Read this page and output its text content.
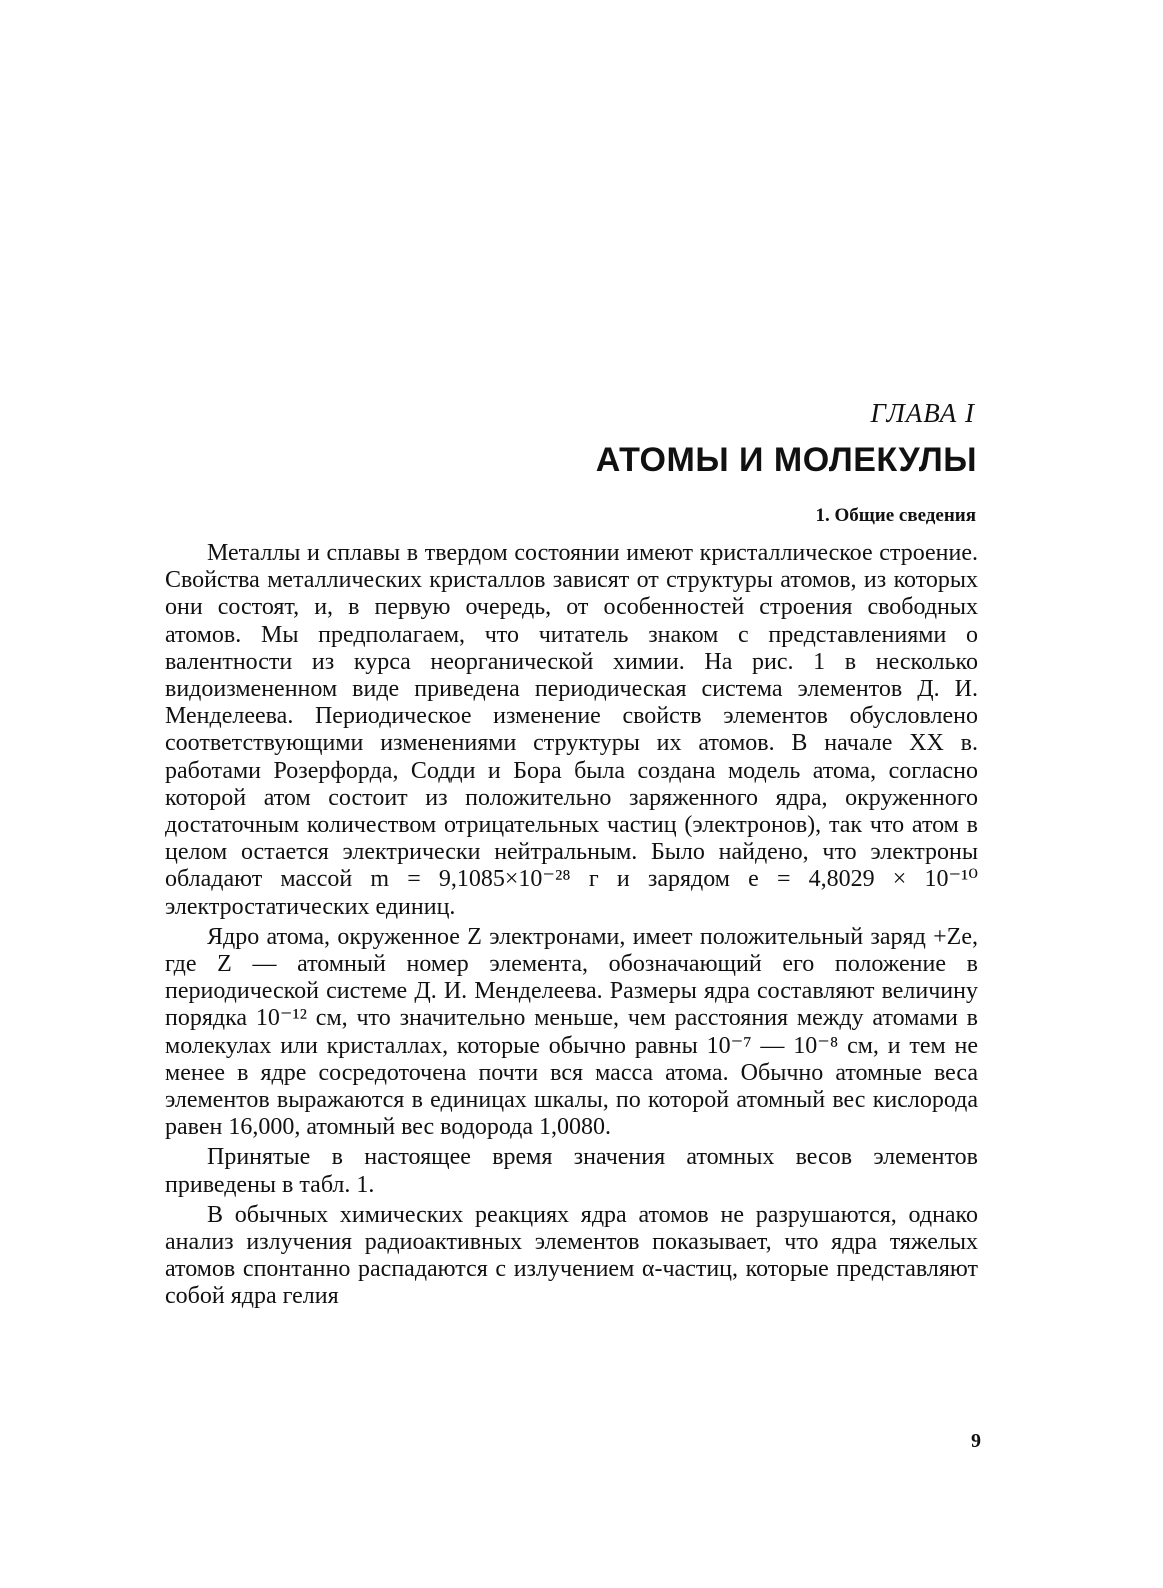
ГЛАВА I
АТОМЫ И МОЛЕКУЛЫ
1. Общие сведения

Металлы и сплавы в твердом состоянии имеют кристаллическое строение. Свойства металлических кристаллов зависят от структуры атомов, из которых они состоят, и, в первую очередь, от особенностей строения свободных атомов. Мы предполагаем, что читатель знаком с представлениями о валентности из курса неорганической химии. На рис. 1 в несколько видоизмененном виде приведена периодическая система элементов Д. И. Менделеева. Периодическое изменение свойств элементов обусловлено соответствующими изменениями структуры их атомов. В начале XX в. работами Розерфорда, Содди и Бора была создана модель атома, согласно которой атом состоит из положительно заряженного ядра, окруженного достаточным количеством отрицательных частиц (электронов), так что атом в целом остается электрически нейтральным. Было найдено, что электроны обладают массой m = 9,1085×10⁻²⁸ г и зарядом e = 4,8029 × 10⁻¹⁰ электростатических единиц.

Ядро атома, окруженное Z электронами, имеет положительный заряд +Ze, где Z — атомный номер элемента, обозначающий его положение в периодической системе Д. И. Менделеева. Размеры ядра составляют величину порядка 10⁻¹² см, что значительно меньше, чем расстояния между атомами в молекулах или кристаллах, которые обычно равны 10⁻⁷ — 10⁻⁸ см, и тем не менее в ядре сосредоточена почти вся масса атома. Обычно атомные веса элементов выражаются в единицах шкалы, по которой атомный вес кислорода равен 16,000, атомный вес водорода 1,0080.

Принятые в настоящее время значения атомных весов элементов приведены в табл. 1.

В обычных химических реакциях ядра атомов не разрушаются, однако анализ излучения радиоактивных элементов показывает, что ядра тяжелых атомов спонтанно распадаются с излучением α-частиц, которые представляют собой ядра гелия

9
